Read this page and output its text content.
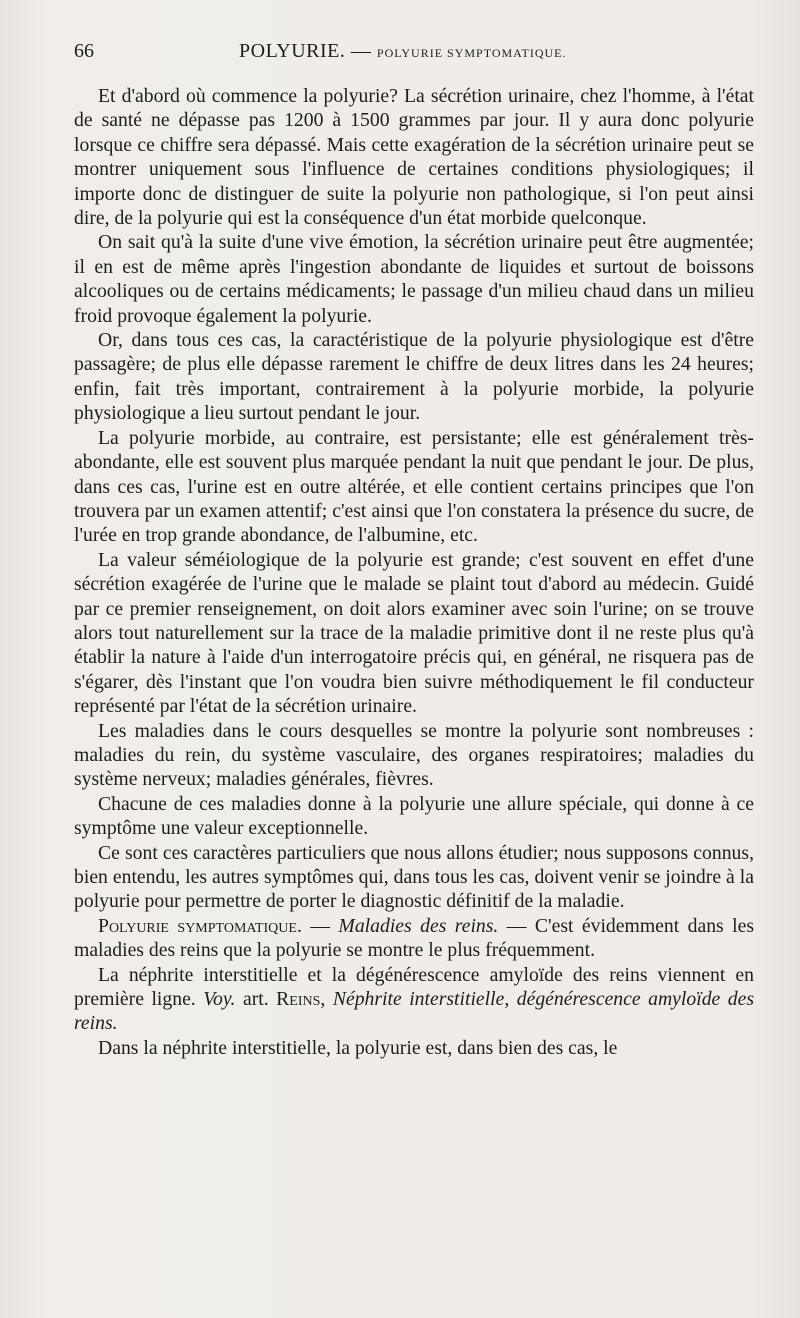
66	POLYURIE. — POLYURIE SYMPTOMATIQUE.

Et d'abord où commence la polyurie? La sécrétion urinaire, chez l'homme, à l'état de santé ne dépasse pas 1200 à 1500 grammes par jour. Il y aura donc polyurie lorsque ce chiffre sera dépassé. Mais cette exagération de la sécrétion urinaire peut se montrer uniquement sous l'influence de certaines conditions physiologiques; il importe donc de distinguer de suite la polyurie non pathologique, si l'on peut ainsi dire, de la polyurie qui est la conséquence d'un état morbide quelconque.

On sait qu'à la suite d'une vive émotion, la sécrétion urinaire peut être augmentée; il en est de même après l'ingestion abondante de liquides et surtout de boissons alcooliques ou de certains médicaments; le passage d'un milieu chaud dans un milieu froid provoque également la polyurie.

Or, dans tous ces cas, la caractéristique de la polyurie physiologique est d'être passagère; de plus elle dépasse rarement le chiffre de deux litres dans les 24 heures; enfin, fait très important, contrairement à la polyurie morbide, la polyurie physiologique a lieu surtout pendant le jour.

La polyurie morbide, au contraire, est persistante; elle est généralement très-abondante, elle est souvent plus marquée pendant la nuit que pendant le jour. De plus, dans ces cas, l'urine est en outre altérée, et elle contient certains principes que l'on trouvera par un examen attentif; c'est ainsi que l'on constatera la présence du sucre, de l'urée en trop grande abondance, de l'albumine, etc.

La valeur séméiologique de la polyurie est grande; c'est souvent en effet d'une sécrétion exagérée de l'urine que le malade se plaint tout d'abord au médecin. Guidé par ce premier renseignement, on doit alors examiner avec soin l'urine; on se trouve alors tout naturellement sur la trace de la maladie primitive dont il ne reste plus qu'à établir la nature à l'aide d'un interrogatoire précis qui, en général, ne risquera pas de s'égarer, dès l'instant que l'on voudra bien suivre méthodiquement le fil conducteur représenté par l'état de la sécrétion urinaire.

Les maladies dans le cours desquelles se montre la polyurie sont nombreuses : maladies du rein, du système vasculaire, des organes respiratoires; maladies du système nerveux; maladies générales, fièvres.

Chacune de ces maladies donne à la polyurie une allure spéciale, qui donne à ce symptôme une valeur exceptionnelle.

Ce sont ces caractères particuliers que nous allons étudier; nous supposons connus, bien entendu, les autres symptômes qui, dans tous les cas, doivent venir se joindre à la polyurie pour permettre de porter le diagnostic définitif de la maladie.

Polyurie symptomatique. — Maladies des reins. — C'est évidemment dans les maladies des reins que la polyurie se montre le plus fréquemment.

La néphrite interstitielle et la dégénérescence amyloïde des reins viennent en première ligne. Voy. art. Reins, Néphrite interstitielle, dégénérescence amyloïde des reins.

Dans la néphrite interstitielle, la polyurie est, dans bien des cas, le
